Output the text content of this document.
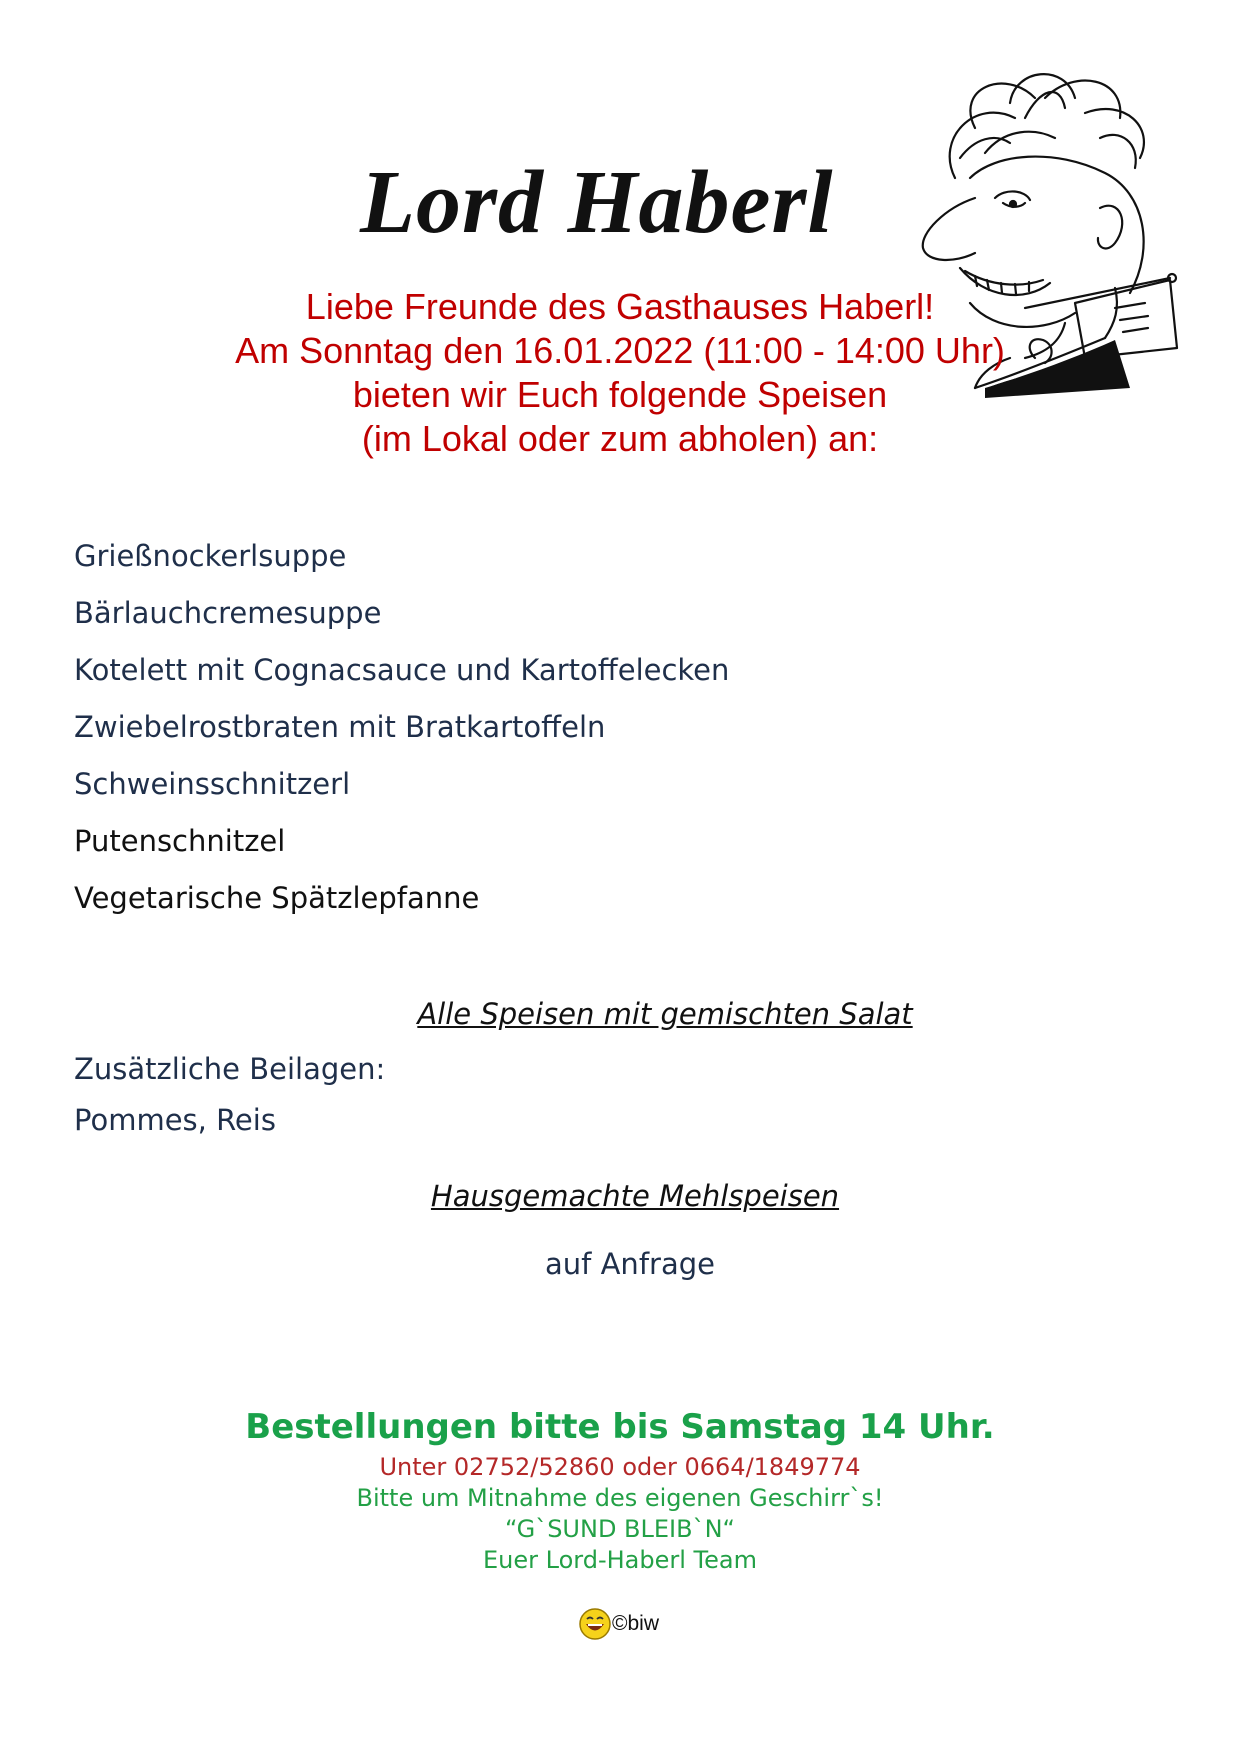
Lord Haberl
Liebe Freunde des Gasthauses Haberl!
Am Sonntag den 16.01.2022 (11:00 - 14:00 Uhr)
bieten wir Euch folgende Speisen
(im Lokal oder zum abholen) an:
Grießnockerlsuppe
Bärlauchcremesuppe
Kotelett mit Cognacsauce und Kartoffelecken
Zwiebelrostbraten mit Bratkartoffeln
Schweinsschnitzerl
Putenschnitzel
Vegetarische Spätzlepfanne
Alle Speisen mit gemischten Salat
Zusätzliche Beilagen:
Pommes, Reis
Hausgemachte Mehlspeisen
auf Anfrage
Bestellungen bitte bis Samstag 14 Uhr.
Unter 02752/52860 oder 0664/1849774
Bitte um Mitnahme des eigenen Geschirr`s!
“G`SUND BLEIB`N“
Euer Lord-Haberl Team
©biw
